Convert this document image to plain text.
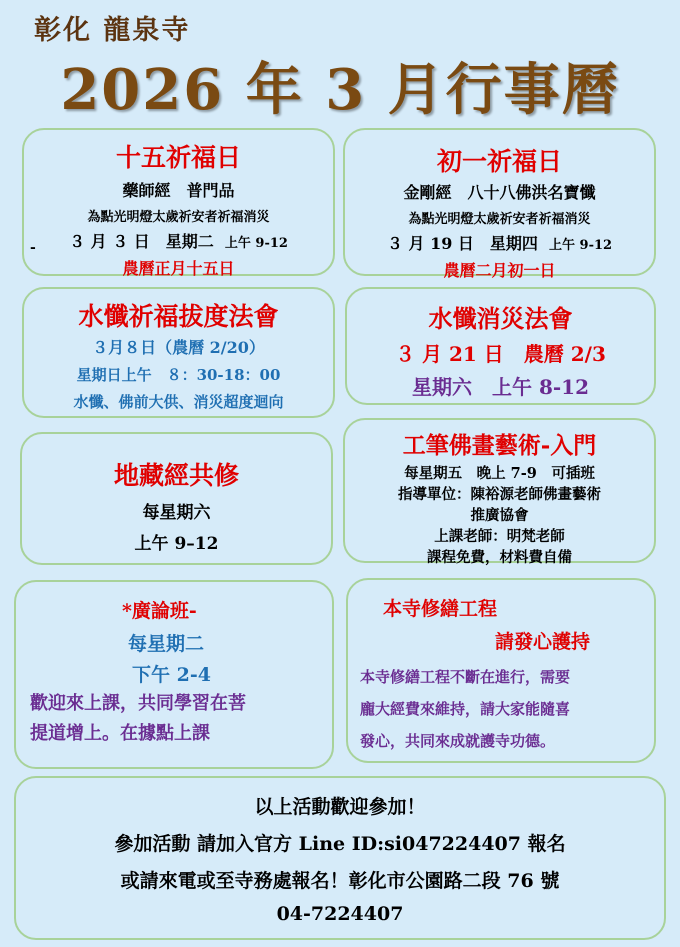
彰化 龍泉寺
2026 年 3 月行事曆
十五祈福日
藥師經　普門品
為點光明燈太歲祈安者祈福消災
３ 月 ３ 日　星期二 上午 9-12
農曆正月十五日
-
初一祈福日
金剛經　八十八佛洪名寶懺
為點光明燈太歲祈安者祈福消災
３ 月 19 日　星期四 上午 9-12
農曆二月初一日
水懺祈福拔度法會
３月８日（農曆 2/20）
星期日上午　８：30-18：00
水懺、佛前大供、消災超度迴向
水懺消災法會
３ 月 21 日　農曆 2/3
星期六　上午 8-12
地藏經共修
每星期六
上午 9–12
工筆佛畫藝術-入門
每星期五　晚上 7-9　可插班
指導單位：陳裕源老師佛畫藝術
推廣協會
上課老師：明梵老師
課程免費，材料費自備
*廣論班-
每星期二
下午 2-4
歡迎來上課，共同學習在菩
提道增上。在據點上課
本寺修繕工程
請發心護持
本寺修繕工程不斷在進行，需要
龐大經費來維持，請大家能隨喜
發心，共同來成就護寺功德。
以上活動歡迎參加！
參加活動 請加入官方 Line ID:si047224407 報名
或請來電或至寺務處報名！彰化市公園路二段 76 號
04-7224407
